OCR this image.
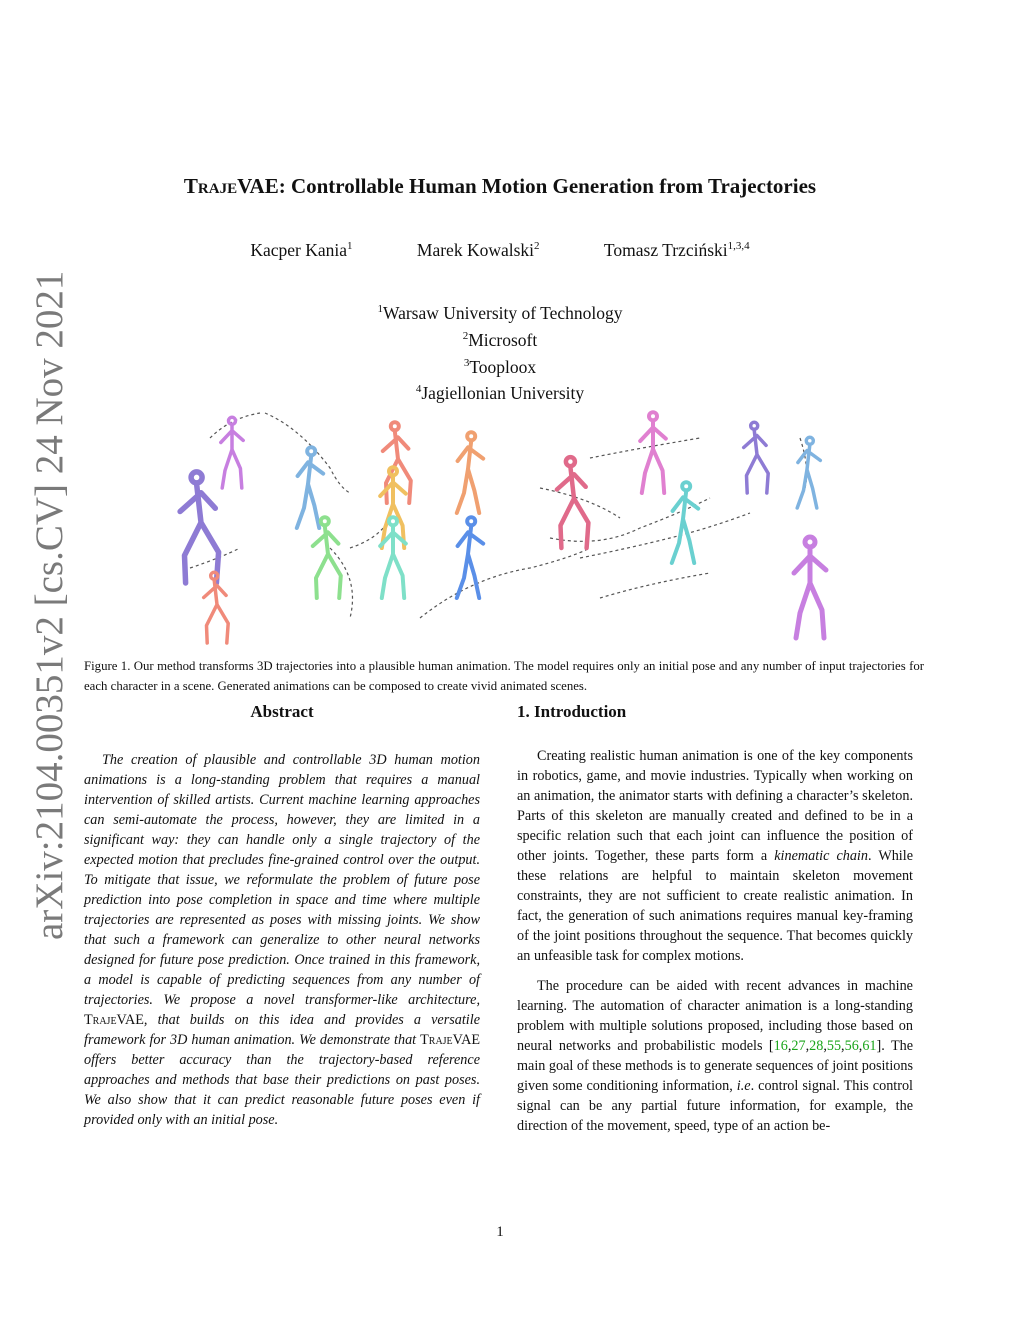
arXiv:2104.00351v2 [cs.CV] 24 Nov 2021
TrajeVAE: Controllable Human Motion Generation from Trajectories
Kacper Kania$^1$	Marek Kowalski$^2$	Tomasz Trzciński$^{1,3,4}$
$^1$Warsaw University of Technology
$^2$Microsoft
$^3$Tooploox
$^4$Jagiellonian University
Figure 1. Our method transforms 3D trajectories into a plausible human animation. The model requires only an initial pose and any number of input trajectories for each character in a scene. Generated animations can be composed to create vivid animated scenes.
Abstract

The creation of plausible and controllable 3D human motion animations is a long-standing problem that requires a manual intervention of skilled artists. Current machine learning approaches can semi-automate the process, however, they are limited in a significant way: they can handle only a single trajectory of the expected motion that precludes fine-grained control over the output. To mitigate that issue, we reformulate the problem of future pose prediction into pose completion in space and time where multiple trajectories are represented as poses with missing joints. We show that such a framework can generalize to other neural networks designed for future pose prediction. Once trained in this framework, a model is capable of predicting sequences from any number of trajectories. We propose a novel transformer-like architecture, TrajeVAE, that builds on this idea and provides a versatile framework for 3D human animation. We demonstrate that TrajeVAE offers better accuracy than the trajectory-based reference approaches and methods that base their predictions on past poses. We also show that it can predict reasonable future poses even if provided only with an initial pose.

1. Introduction

Creating realistic human animation is one of the key components in robotics, game, and movie industries. Typically when working on an animation, the animator starts with defining a character’s skeleton. Parts of this skeleton are manually created and defined to be in a specific relation such that each joint can influence the position of other joints. Together, these parts form a kinematic chain. While these relations are helpful to maintain skeleton movement constraints, they are not sufficient to create realistic animation. In fact, the generation of such animations requires manual key-framing of the joint positions throughout the sequence. That becomes quickly an unfeasible task for complex motions.

The procedure can be aided with recent advances in machine learning. The automation of character animation is a long-standing problem with multiple solutions proposed, including those based on neural networks and probabilistic models [16,27,28,55,56,61]. The main goal of these methods is to generate sequences of joint positions given some conditioning information, i.e. control signal. This control signal can be any partial future information, for example, the direction of the movement, speed, type of an action be-

1
